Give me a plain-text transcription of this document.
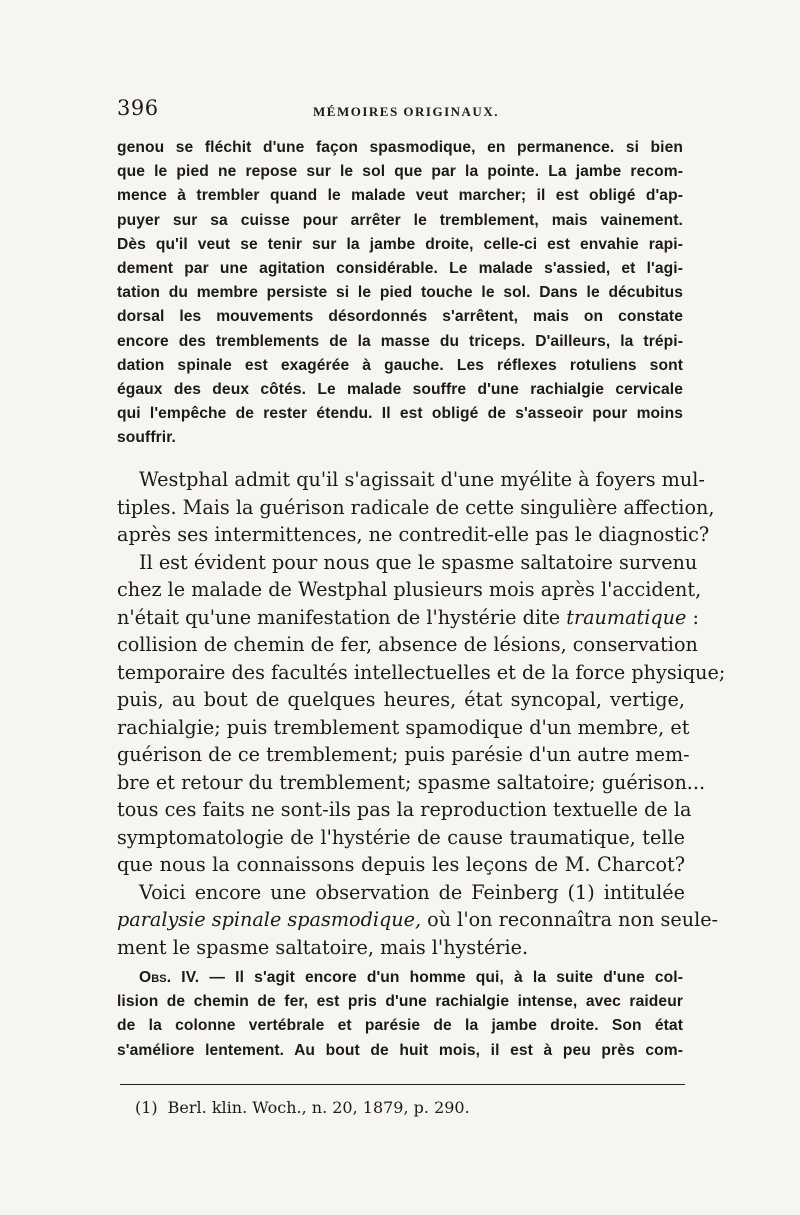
396	MÉMOIRES ORIGINAUX.
genou se fléchit d'une façon spasmodique, en permanence. si bien
que le pied ne repose sur le sol que par la pointe. La jambe recom-
mence à trembler quand le malade veut marcher; il est obligé d'ap-
puyer sur sa cuisse pour arrêter le tremblement, mais vainement.
Dès qu'il veut se tenir sur la jambe droite, celle-ci est envahie rapi-
dement par une agitation considérable. Le malade s'assied, et l'agi-
tation du membre persiste si le pied touche le sol. Dans le décubitus
dorsal les mouvements désordonnés s'arrêtent, mais on constate
encore des tremblements de la masse du triceps. D'ailleurs, la trépi-
dation spinale est exagérée à gauche. Les réflexes rotuliens sont
égaux des deux côtés. Le malade souffre d'une rachialgie cervicale
qui l'empêche de rester étendu. Il est obligé de s'asseoir pour moins
souffrir.
Westphal admit qu'il s'agissait d'une myélite à foyers mul-
tiples. Mais la guérison radicale de cette singulière affection,
après ses intermittences, ne contredit-elle pas le diagnostic?
Il est évident pour nous que le spasme saltatoire survenu
chez le malade de Westphal plusieurs mois après l'accident,
n'était qu'une manifestation de l'hystérie dite traumatique :
collision de chemin de fer, absence de lésions, conservation
temporaire des facultés intellectuelles et de la force physique;
puis, au bout de quelques heures, état syncopal, vertige,
rachialgie; puis tremblement spamodique d'un membre, et
guérison de ce tremblement; puis parésie d'un autre mem-
bre et retour du tremblement; spasme saltatoire; guérison...
tous ces faits ne sont-ils pas la reproduction textuelle de la
symptomatologie de l'hystérie de cause traumatique, telle
que nous la connaissons depuis les leçons de M. Charcot?
Voici encore une observation de Feinberg (1) intitulée
paralysie spinale spasmodique, où l'on reconnaîtra non seule-
ment le spasme saltatoire, mais l'hystérie.
Obs. IV. — Il s'agit encore d'un homme qui, à la suite d'une col-
lision de chemin de fer, est pris d'une rachialgie intense, avec raideur
de la colonne vertébrale et parésie de la jambe droite. Son état
s'améliore lentement. Au bout de huit mois, il est à peu près com-
(1) Berl. klin. Woch., n. 20, 1879, p. 290.
